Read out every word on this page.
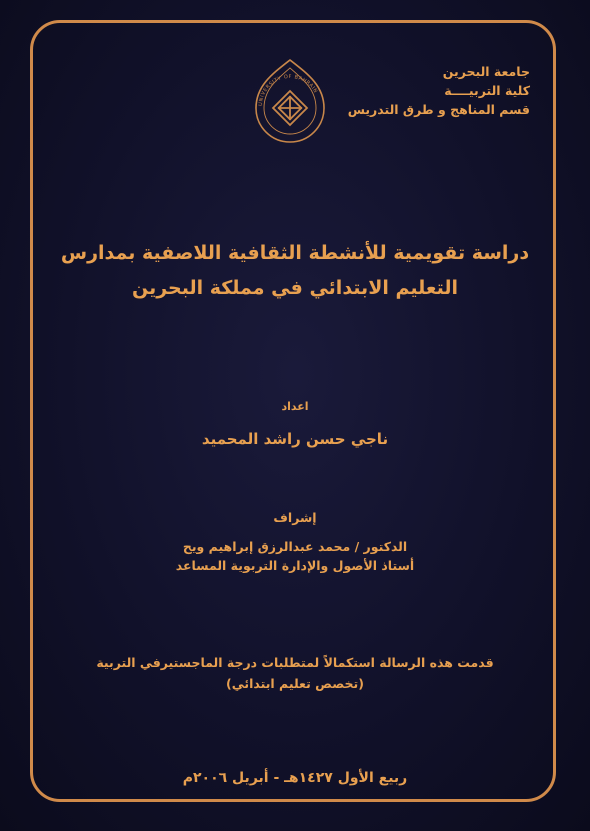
جامعة البحرين
كلية التربيــــة
قسم المناهج و طرق التدريس
UNIVERSITY OF BAHRAIN
دراسة تقويمية للأنشطة الثقافية اللاصفية بمدارس
التعليم الابتدائي في مملكة البحرين
اعداد
ناجي حسن راشد المحميد
إشراف
الدكتور / محمد عبدالرزق إبراهيم ويح
أستاذ الأصول والإدارة التربوية المساعد
قدمت هذه الرسالة استكمالاً لمتطلبات درجة الماجستيرفي التربية
(تخصص تعليم ابتدائي)
ربيع الأول ١٤٢٧هـ - أبريل ٢٠٠٦م
